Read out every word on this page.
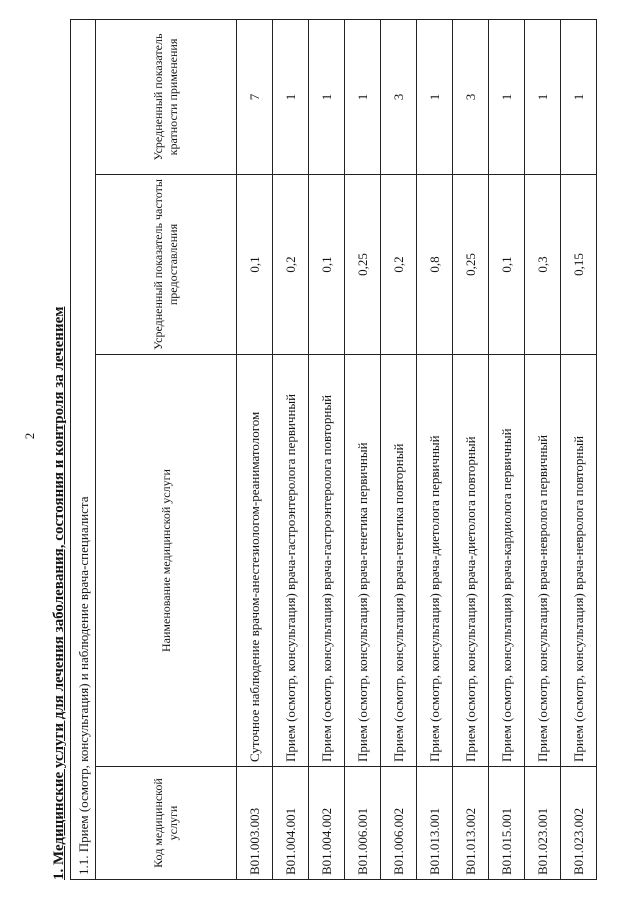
2 1. Медицинские услуги для лечения заболевания, состояния и контроля за лечением 1.1. Прием (осмотр, консультация) и наблюдение врача-специалиста			
Код медицинской услуги	Наименование медицинской услуги	Усредненный показатель частоты предоставления	Усредненный показатель кратности применения
B01.003.003	Суточное наблюдение врачом-анестезиологом-реаниматологом	0,1	7
B01.004.001	Прием (осмотр, консультация) врача-гастроэнтеролога первичный	0,2	1
B01.004.002	Прием (осмотр, консультация) врача-гастроэнтеролога повторный	0,1	1
B01.006.001	Прием (осмотр, консультация) врача-генетика первичный	0,25	1
B01.006.002	Прием (осмотр, консультация) врача-генетика повторный	0,2	3
B01.013.001	Прием (осмотр, консультация) врача-диетолога первичный	0,8	1
B01.013.002	Прием (осмотр, консультация) врача-диетолога повторный	0,25	3
B01.015.001	Прием (осмотр, консультация) врача-кардиолога первичный	0,1	1
B01.023.001	Прием (осмотр, консультация) врача-невролога первичный	0,3	1
B01.023.002	Прием (осмотр, консультация) врача-невролога повторный	0,15	1
